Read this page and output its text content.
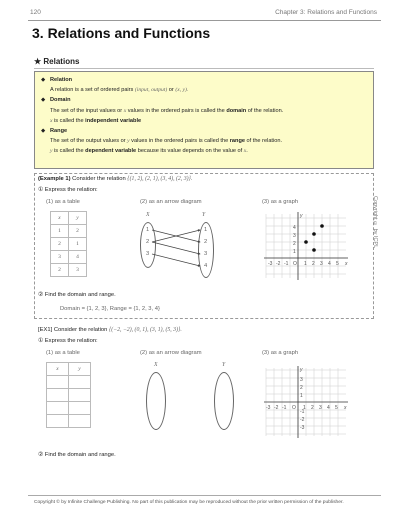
120	Chapter 3: Relations and Functions
3. Relations and Functions
★ Relations
◆ Relation
A relation is a set of ordered pairs (input, output) or (x, y).
◆ Domain
The set of the input values or x values in the ordered pairs is called the domain of the relation.
x is called the independent variable
◆ Range
The set of the output values or y values in the ordered pairs is called the range of the relation.
y is called the dependent variable because its value depends on the value of x.
(Example 1) Consider the relation {(1, 2), (2, 1), (3, 4), (2, 3)}.
① Express the relation:
(1) as a table	(2) as an arrow diagram	(3) as a graph
x	y
1	2
2	1
3	4
2	3
X	Y
1
2
3
1
2
3
4	-3 -2 -1 O 1 2 3 4 5 x
4
3
2
1
y
② Find the domain and range.
Domain = {1, 2, 3}, Range = {1, 2, 3, 4}
Copyright © by ICPL
[EX1] Consider the relation {(−2, −2), (0, 1), (3, 1), (5, 3)}.
① Express the relation:
(1) as a table	(2) as an arrow diagram	(3) as a graph
x	y

X	Y
-3 -2 -1 O 1 2 3 4 5 x
3
2
1
-1
-2
-3
y
② Find the domain and range.
Copyright © by Infinite Challenge Publishing. No part of this publication may be reproduced without the prior written permission of the publisher.
